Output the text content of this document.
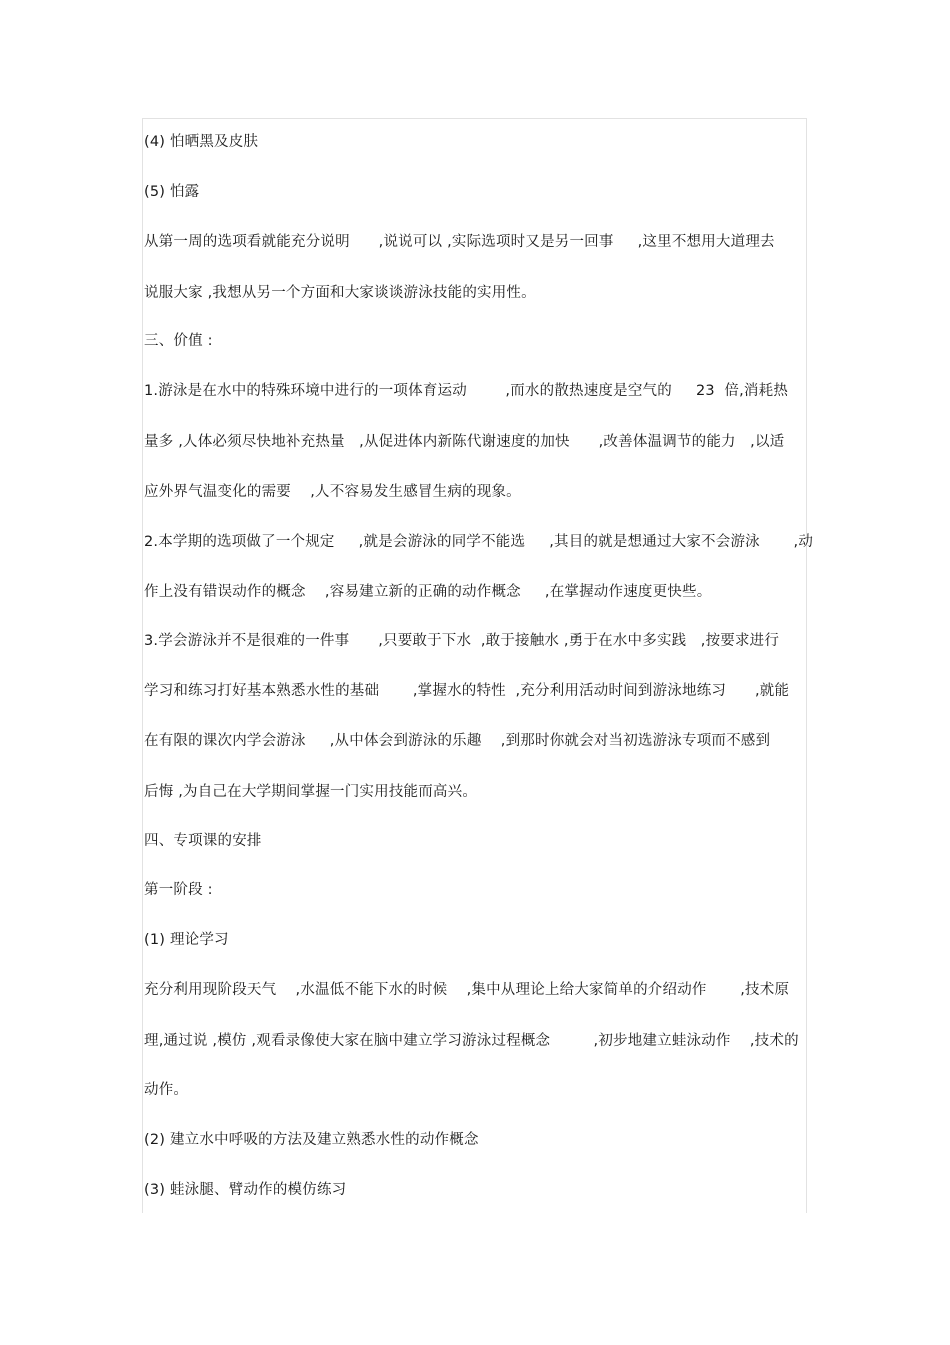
(4) 怕晒黑及皮肤
(5) 怕露
从第一周的选项看就能充分说明      ,说说可以 ,实际选项时又是另一回事     ,这里不想用大道理去
说服大家 ,我想从另一个方面和大家谈谈游泳技能的实用性。
三、价值 :
1.游泳是在水中的特殊环境中进行的一项体育运动        ,而水的散热速度是空气的     23  倍,消耗热
量多 ,人体必须尽快地补充热量   ,从促进体内新陈代谢速度的加快      ,改善体温调节的能力   ,以适
应外界气温变化的需要    ,人不容易发生感冒生病的现象。
2.本学期的选项做了一个规定     ,就是会游泳的同学不能选     ,其目的就是想通过大家不会游泳       ,动
作上没有错误动作的概念    ,容易建立新的正确的动作概念     ,在掌握动作速度更快些。
3.学会游泳并不是很难的一件事      ,只要敢于下水  ,敢于接触水 ,勇于在水中多实践   ,按要求进行
学习和练习打好基本熟悉水性的基础       ,掌握水的特性  ,充分利用活动时间到游泳地练习      ,就能
在有限的课次内学会游泳     ,从中体会到游泳的乐趣    ,到那时你就会对当初选游泳专项而不感到
后悔 ,为自己在大学期间掌握一门实用技能而高兴。
四、专项课的安排
第一阶段 :
(1) 理论学习
充分利用现阶段天气    ,水温低不能下水的时候    ,集中从理论上给大家简单的介绍动作       ,技术原
理,通过说 ,模仿 ,观看录像使大家在脑中建立学习游泳过程概念         ,初步地建立蛙泳动作    ,技术的
动作。
(2) 建立水中呼吸的方法及建立熟悉水性的动作概念
(3) 蛙泳腿、臂动作的模仿练习
